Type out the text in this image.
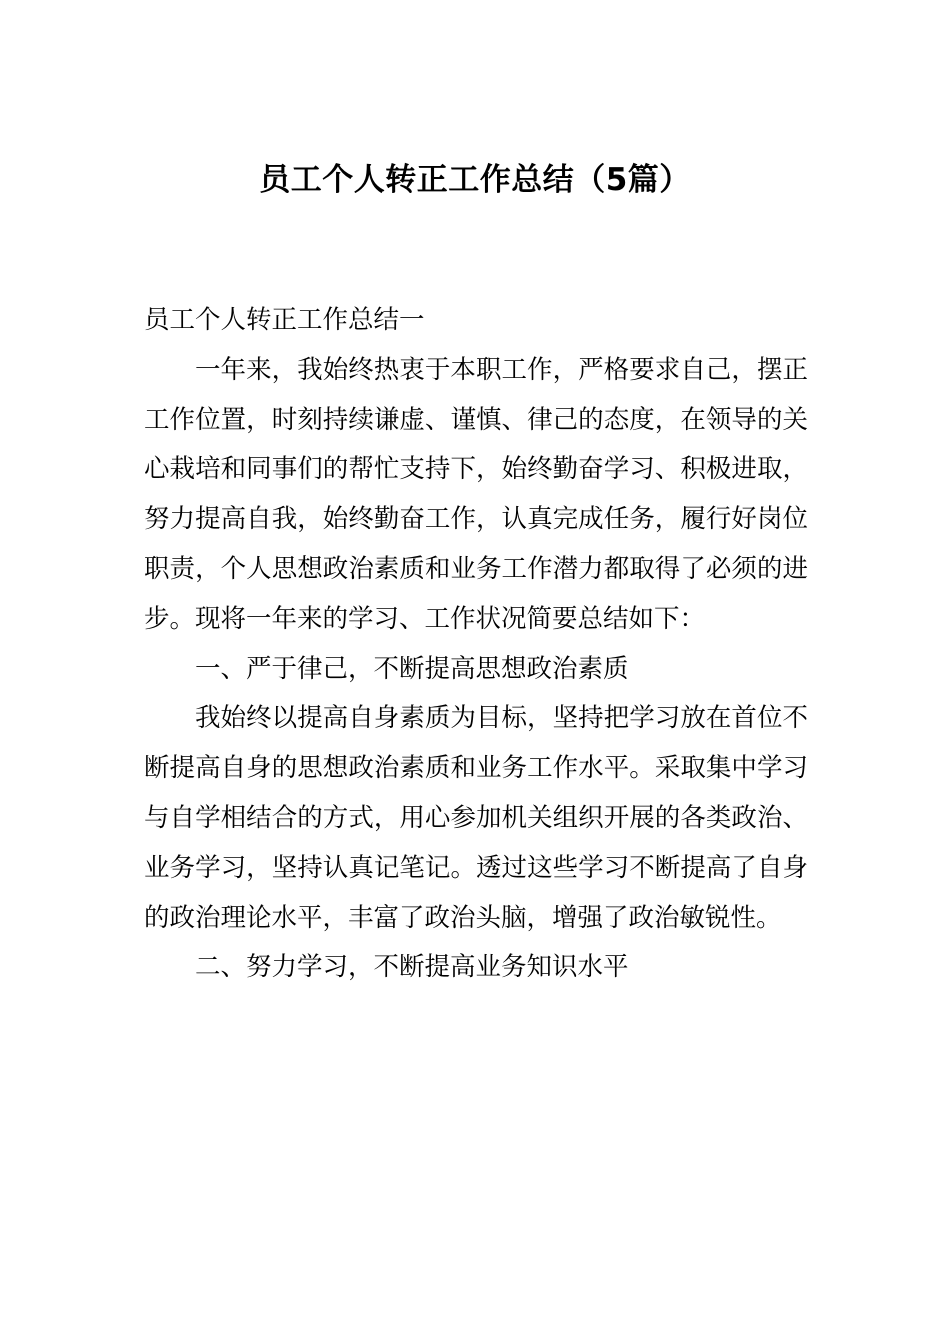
员工个人转正工作总结（5篇）

员工个人转正工作总结一

一年来，我始终热衷于本职工作，严格要求自己，摆正工作位置，时刻持续谦虚、谨慎、律己的态度，在领导的关心栽培和同事们的帮忙支持下，始终勤奋学习、积极进取，努力提高自我，始终勤奋工作，认真完成任务，履行好岗位职责，个人思想政治素质和业务工作潜力都取得了必须的进步。现将一年来的学习、工作状况简要总结如下：

一、严于律己，不断提高思想政治素质

我始终以提高自身素质为目标，坚持把学习放在首位不断提高自身的思想政治素质和业务工作水平。采取集中学习与自学相结合的方式，用心参加机关组织开展的各类政治、业务学习，坚持认真记笔记。透过这些学习不断提高了自身的政治理论水平，丰富了政治头脑，增强了政治敏锐性。

二、努力学习，不断提高业务知识水平
